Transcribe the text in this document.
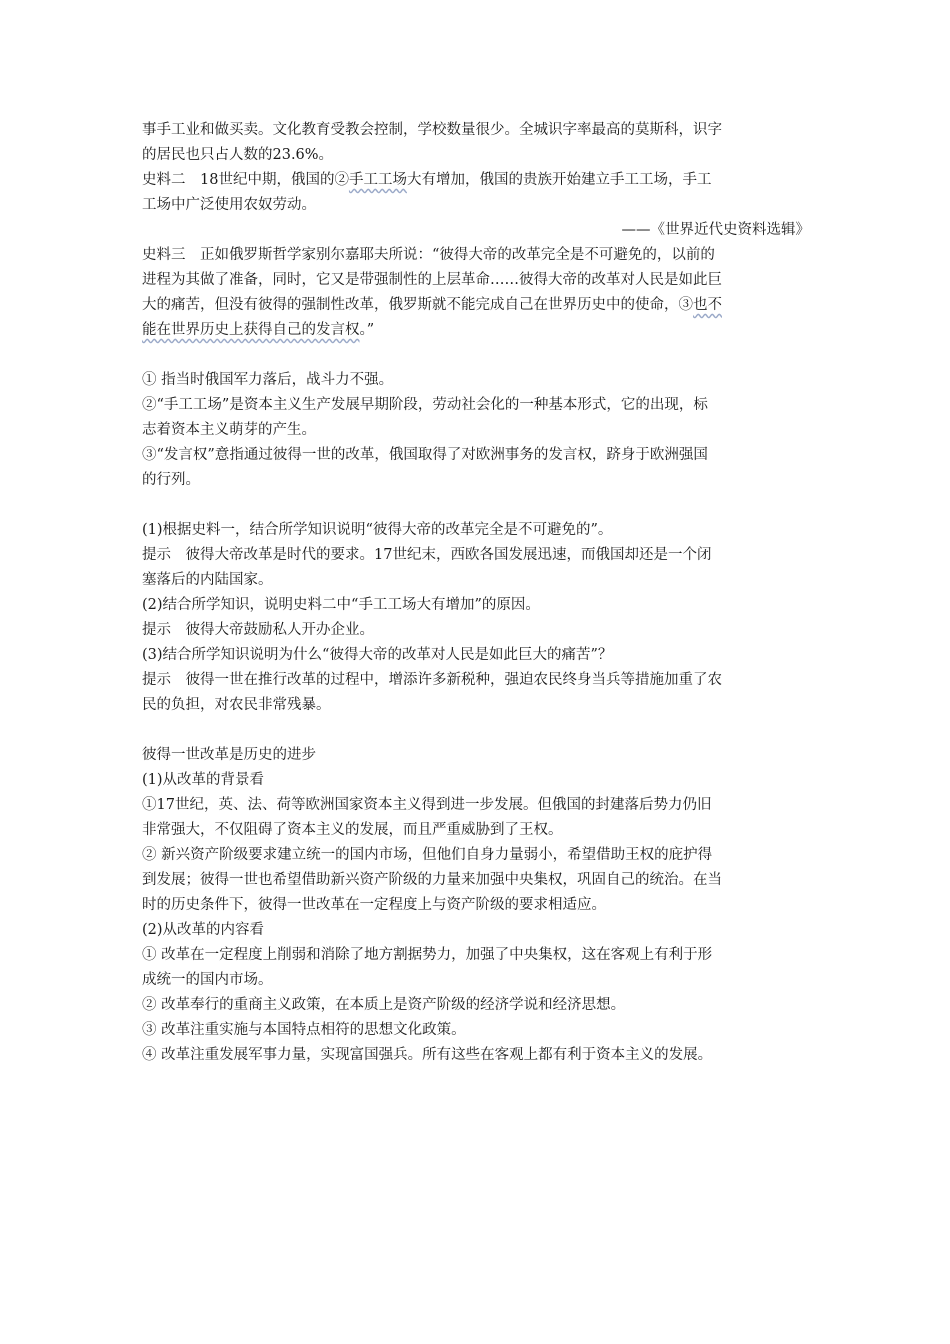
事手工业和做买卖。文化教育受教会控制，学校数量很少。全城识字率最高的莫斯科，识字
的居民也只占人数的23.6%。
史料二　18世纪中期，俄国的②手工工场大有增加，俄国的贵族开始建立手工工场，手工
工场中广泛使用农奴劳动。
——《世界近代史资料选辑》
史料三　正如俄罗斯哲学家别尔嘉耶夫所说：“彼得大帝的改革完全是不可避免的，以前的
进程为其做了准备，同时，它又是带强制性的上层革命……彼得大帝的改革对人民是如此巨
大的痛苦，但没有彼得的强制性改革，俄罗斯就不能完成自己在世界历史中的使命，③也不
能在世界历史上获得自己的发言权。”
① 指当时俄国军力落后，战斗力不强。
②“手工工场”是资本主义生产发展早期阶段，劳动社会化的一种基本形式，它的出现，标
志着资本主义萌芽的产生。
③“发言权”意指通过彼得一世的改革，俄国取得了对欧洲事务的发言权，跻身于欧洲强国
的行列。
(1)根据史料一，结合所学知识说明“彼得大帝的改革完全是不可避免的”。
提示　彼得大帝改革是时代的要求。17世纪末，西欧各国发展迅速，而俄国却还是一个闭
塞落后的内陆国家。
(2)结合所学知识，说明史料二中“手工工场大有增加”的原因。
提示　彼得大帝鼓励私人开办企业。
(3)结合所学知识说明为什么“彼得大帝的改革对人民是如此巨大的痛苦”？
提示　彼得一世在推行改革的过程中，增添许多新税种，强迫农民终身当兵等措施加重了农
民的负担，对农民非常残暴。
彼得一世改革是历史的进步
(1)从改革的背景看
①17世纪，英、法、荷等欧洲国家资本主义得到进一步发展。但俄国的封建落后势力仍旧
非常强大，不仅阻碍了资本主义的发展，而且严重威胁到了王权。
② 新兴资产阶级要求建立统一的国内市场，但他们自身力量弱小，希望借助王权的庇护得
到发展；彼得一世也希望借助新兴资产阶级的力量来加强中央集权，巩固自己的统治。在当
时的历史条件下，彼得一世改革在一定程度上与资产阶级的要求相适应。
(2)从改革的内容看
① 改革在一定程度上削弱和消除了地方割据势力，加强了中央集权，这在客观上有利于形
成统一的国内市场。
② 改革奉行的重商主义政策，在本质上是资产阶级的经济学说和经济思想。
③ 改革注重实施与本国特点相符的思想文化政策。
④ 改革注重发展军事力量，实现富国强兵。所有这些在客观上都有利于资本主义的发展。
